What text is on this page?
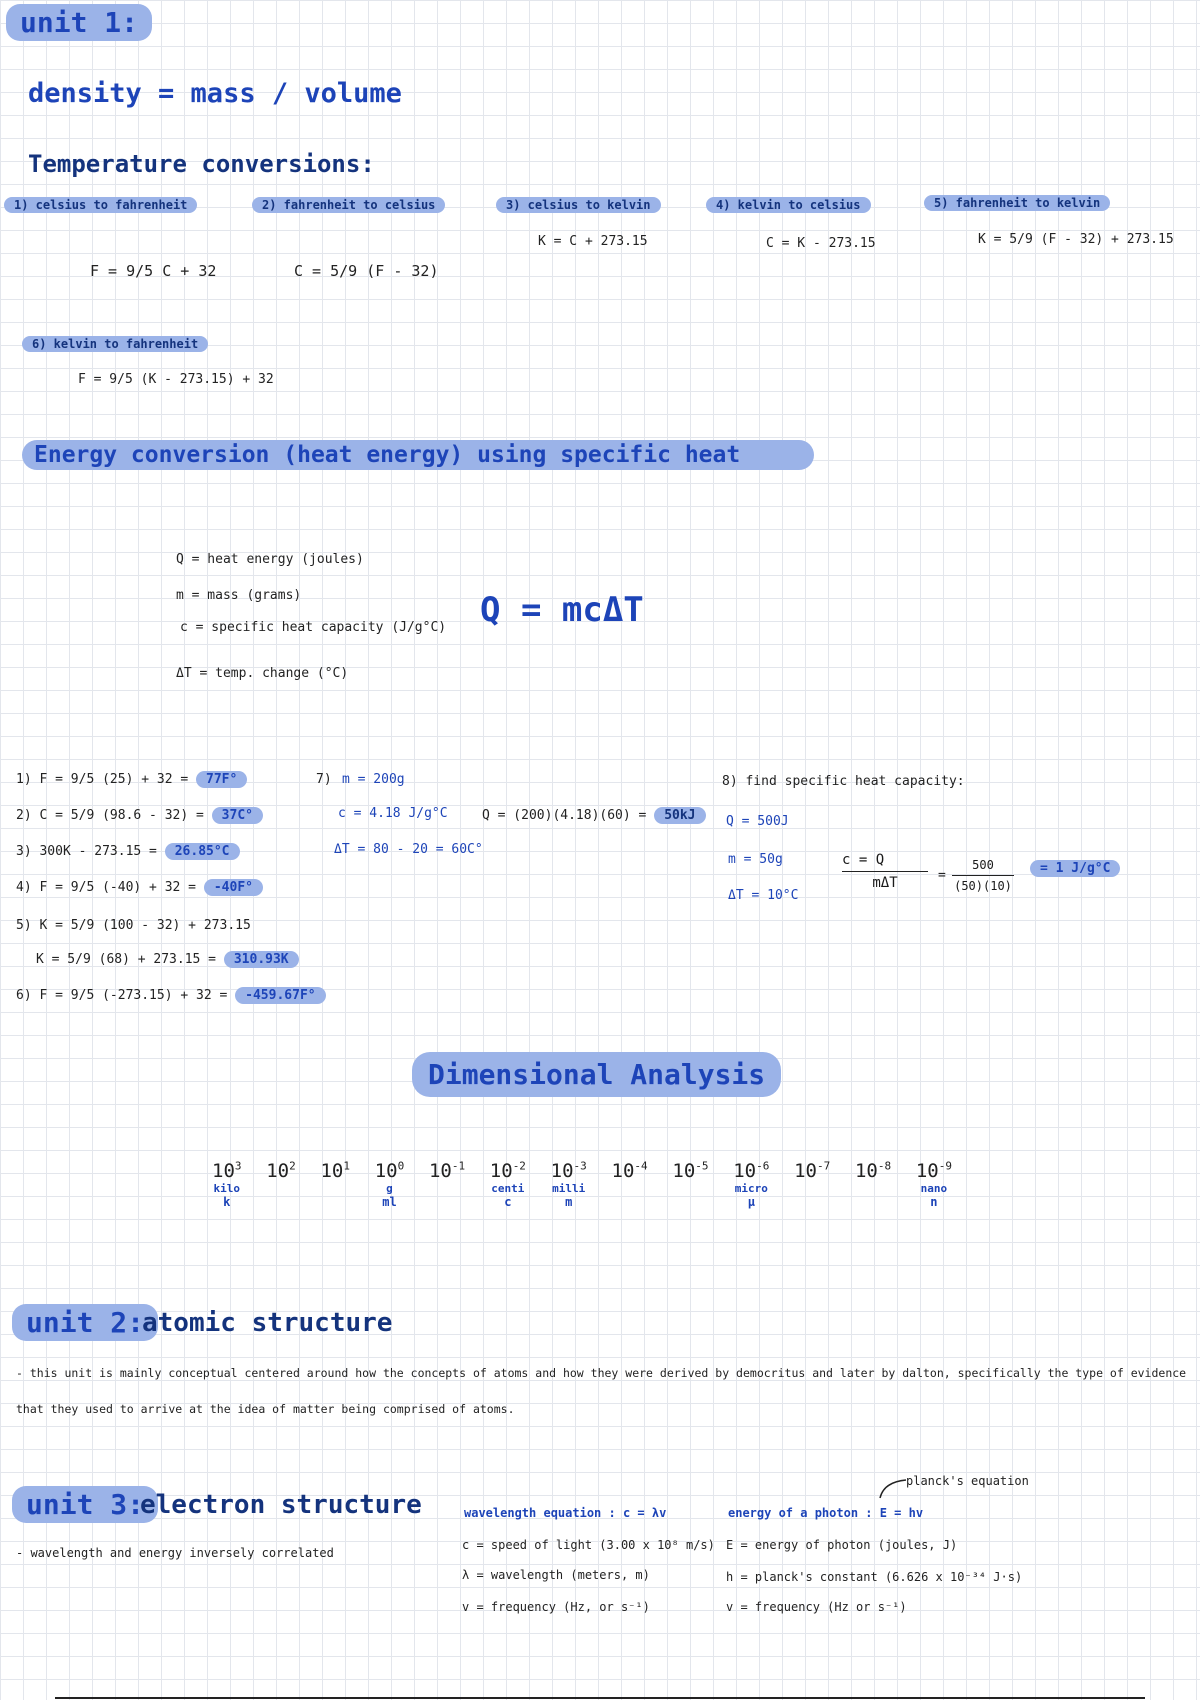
unit 1:
density = mass / volume
Temperature conversions:
1) celsius to fahrenheit	2) fahrenheit to celsius	3) celsius to kelvin	4) kelvin to celsius	5) fahrenheit to kelvin
F = 9/5 C + 32	C = 5/9 (F - 32)
K = C + 273.15	C = K - 273.15	K = 5/9 (F - 32) + 273.15
6) kelvin to fahrenheit
F = 9/5 (K - 273.15) + 32
Energy conversion (heat energy) using specific heat
Q = heat energy (joules)
m = mass (grams)
c = specific heat capacity (J/g°C)
ΔT = temp. change (°C)
Q = mcΔT
1) F = 9/5 (25) + 32 = 77F°
2) C = 5/9 (98.6 - 32) = 37C°
3) 300K - 273.15 = 26.85°C
4) F = 9/5 (-40) + 32 = -40F°
5) K = 5/9 (100 - 32) + 273.15
K = 5/9 (68) + 273.15 = 310.93K
6) F = 9/5 (-273.15) + 32 = -459.67F°
7) m = 200g
c = 4.18 J/g°C
ΔT = 80 - 20 = 60C°
Q = (200)(4.18)(60) = 50kJ
8) find specific heat capacity:
Q = 500J
m = 50g
ΔT = 10°C
c = Q
mΔT	=
500
(50)(10)
= 1 J/g°C
Dimensional Analysis
$10^3$
kilo
k
$10^2$

$10^1$

$10^0$
g
ml
$10^{-1}$

$10^{-2}$
centi
c
$10^{-3}$
milli
m
$10^{-4}$

$10^{-5}$

$10^{-6}$
micro
μ
$10^{-7}$

$10^{-8}$

$10^{-9}$
nano
n
unit 2:
atomic structure
- this unit is mainly conceptual centered around how the concepts of atoms and how they were derived by democritus and later by dalton, specifically the type of evidence
that they used to arrive at the idea of matter being comprised of atoms.
unit 3:
electron structure
- wavelength and energy inversely correlated
wavelength equation : c = λv
c = speed of light (3.00 x 10⁸ m/s)
λ = wavelength (meters, m)
v = frequency (Hz, or s⁻¹)
planck's equation
energy of a photon : E = hv
E = energy of photon (joules, J)
h = planck's constant (6.626 x 10⁻³⁴ J·s)
v = frequency (Hz or s⁻¹)
